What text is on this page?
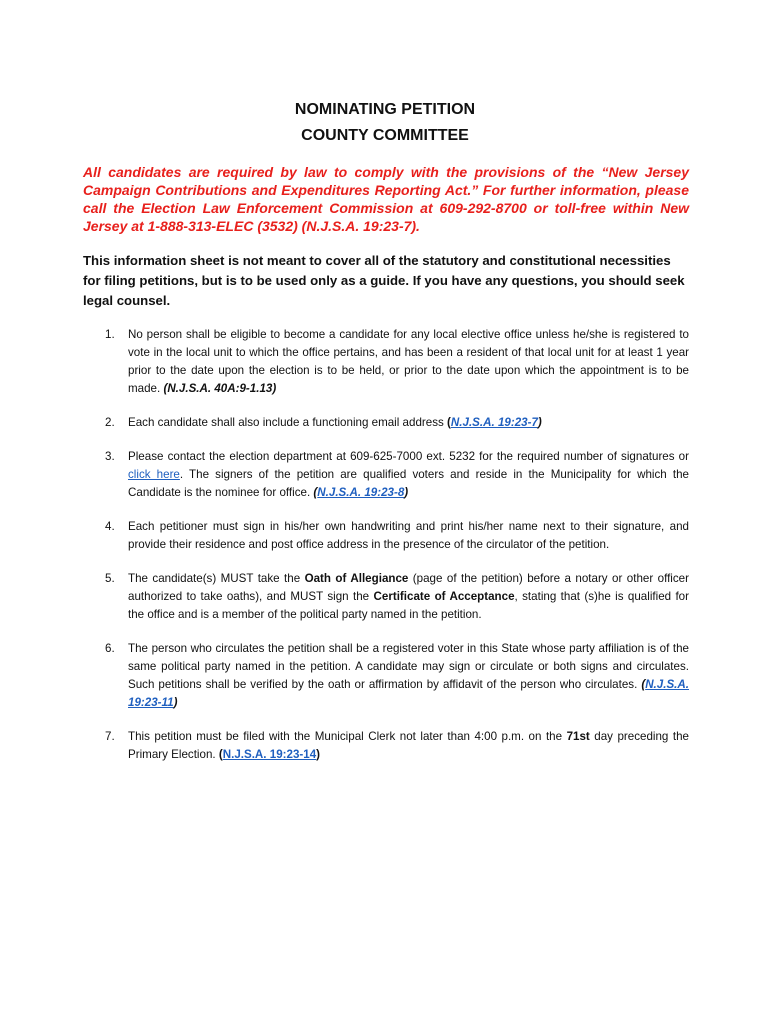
NOMINATING PETITION
COUNTY COMMITTEE
All candidates are required by law to comply with the provisions of the “New Jersey Campaign Contributions and Expenditures Reporting Act.” For further information, please call the Election Law Enforcement Commission at 609-292-8700 or toll-free within New Jersey at 1-888-313-ELEC (3532) (N.J.S.A. 19:23-7).
This information sheet is not meant to cover all of the statutory and constitutional necessities for filing petitions, but is to be used only as a guide. If you have any questions, you should seek legal counsel.
1. No person shall be eligible to become a candidate for any local elective office unless he/she is registered to vote in the local unit to which the office pertains, and has been a resident of that local unit for at least 1 year prior to the date upon the election is to be held, or prior to the date upon which the appointment is to be made. (N.J.S.A. 40A:9-1.13)
2. Each candidate shall also include a functioning email address (N.J.S.A. 19:23-7)
3. Please contact the election department at 609-625-7000 ext. 5232 for the required number of signatures or click here. The signers of the petition are qualified voters and reside in the Municipality for which the Candidate is the nominee for office. (N.J.S.A. 19:23-8)
4. Each petitioner must sign in his/her own handwriting and print his/her name next to their signature, and provide their residence and post office address in the presence of the circulator of the petition.
5. The candidate(s) MUST take the Oath of Allegiance (page of the petition) before a notary or other officer authorized to take oaths), and MUST sign the Certificate of Acceptance, stating that (s)he is qualified for the office and is a member of the political party named in the petition.
6. The person who circulates the petition shall be a registered voter in this State whose party affiliation is of the same political party named in the petition. A candidate may sign or circulate or both signs and circulates. Such petitions shall be verified by the oath or affirmation by affidavit of the person who circulates. (N.J.S.A. 19:23-11)
7. This petition must be filed with the Municipal Clerk not later than 4:00 p.m. on the 71st day preceding the Primary Election. (N.J.S.A. 19:23-14)
